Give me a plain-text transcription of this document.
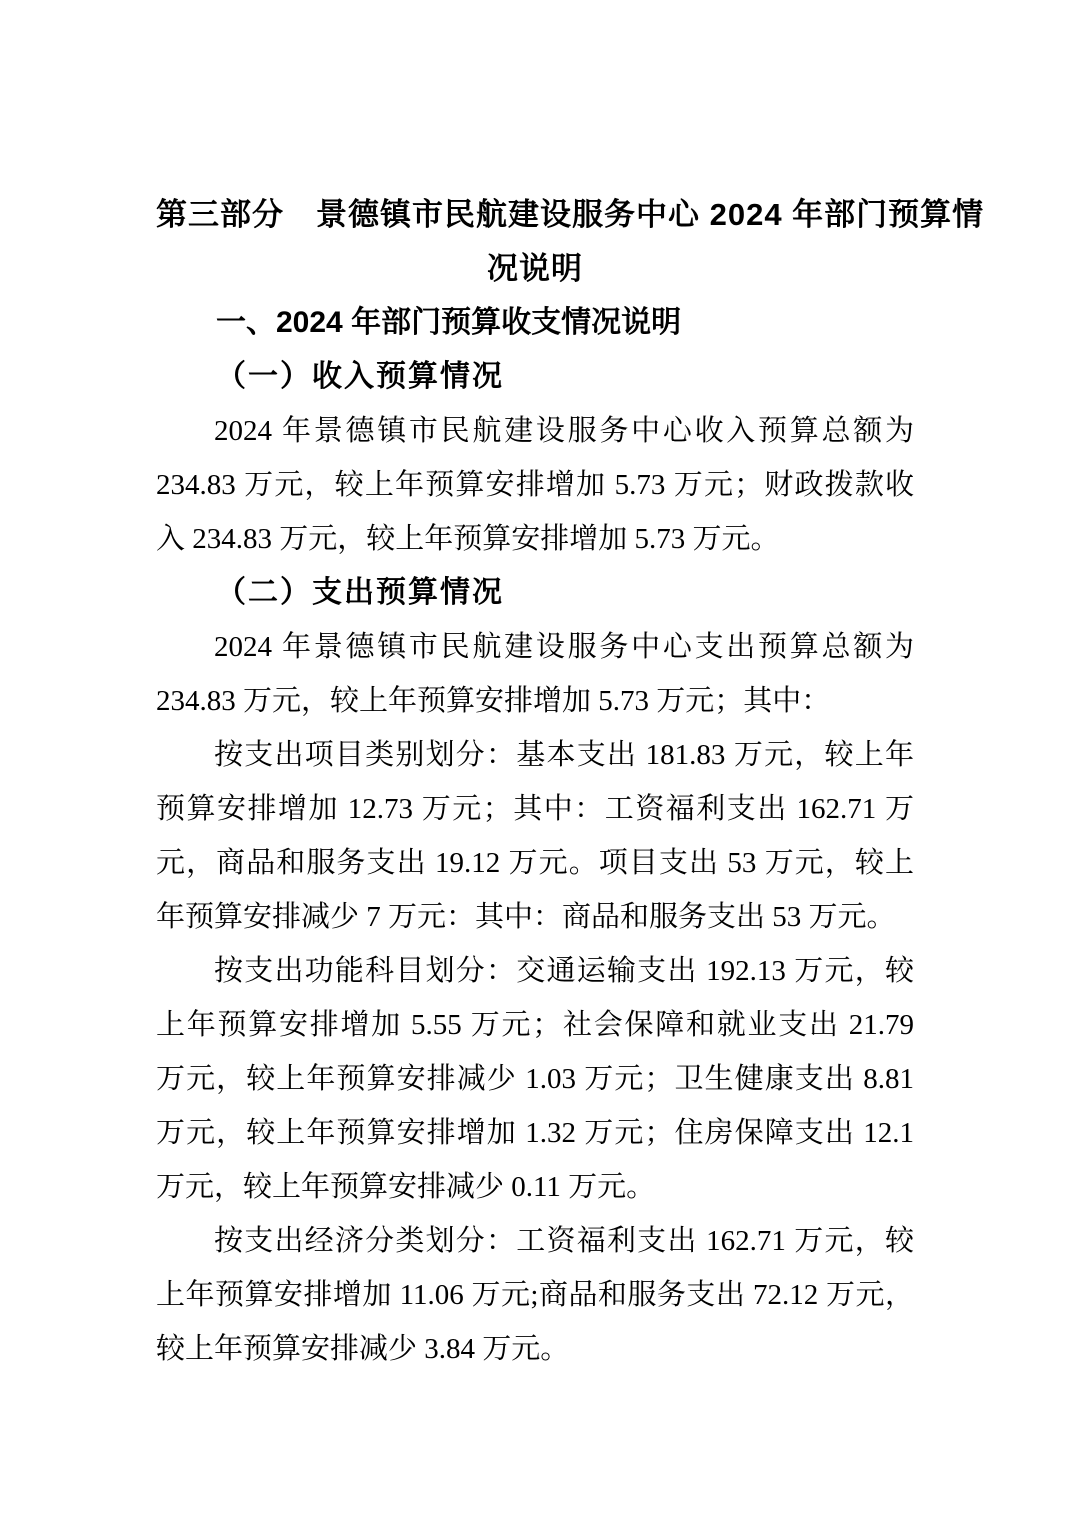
第三部分　景德镇市民航建设服务中心 2024 年部门预算情
况说明
一、2024 年部门预算收支情况说明
（一）收入预算情况
2024 年景德镇市民航建设服务中心收入预算总额为
234.83 万元，较上年预算安排增加 5.73 万元；财政拨款收
入 234.83 万元，较上年预算安排增加 5.73 万元。
（二）支出预算情况
2024 年景德镇市民航建设服务中心支出预算总额为
234.83 万元，较上年预算安排增加 5.73 万元；其中：
按支出项目类别划分：基本支出 181.83 万元，较上年
预算安排增加 12.73 万元；其中：工资福利支出 162.71 万
元，商品和服务支出 19.12 万元。项目支出 53 万元，较上
年预算安排减少 7 万元：其中：商品和服务支出 53 万元。
按支出功能科目划分：交通运输支出 192.13 万元，较
上年预算安排增加 5.55 万元；社会保障和就业支出 21.79
万元，较上年预算安排减少 1.03 万元；卫生健康支出 8.81
万元，较上年预算安排增加 1.32 万元；住房保障支出 12.1
万元，较上年预算安排减少 0.11 万元。
按支出经济分类划分：工资福利支出 162.71 万元，较
上年预算安排增加 11.06 万元;商品和服务支出 72.12 万元，
较上年预算安排减少 3.84 万元。
